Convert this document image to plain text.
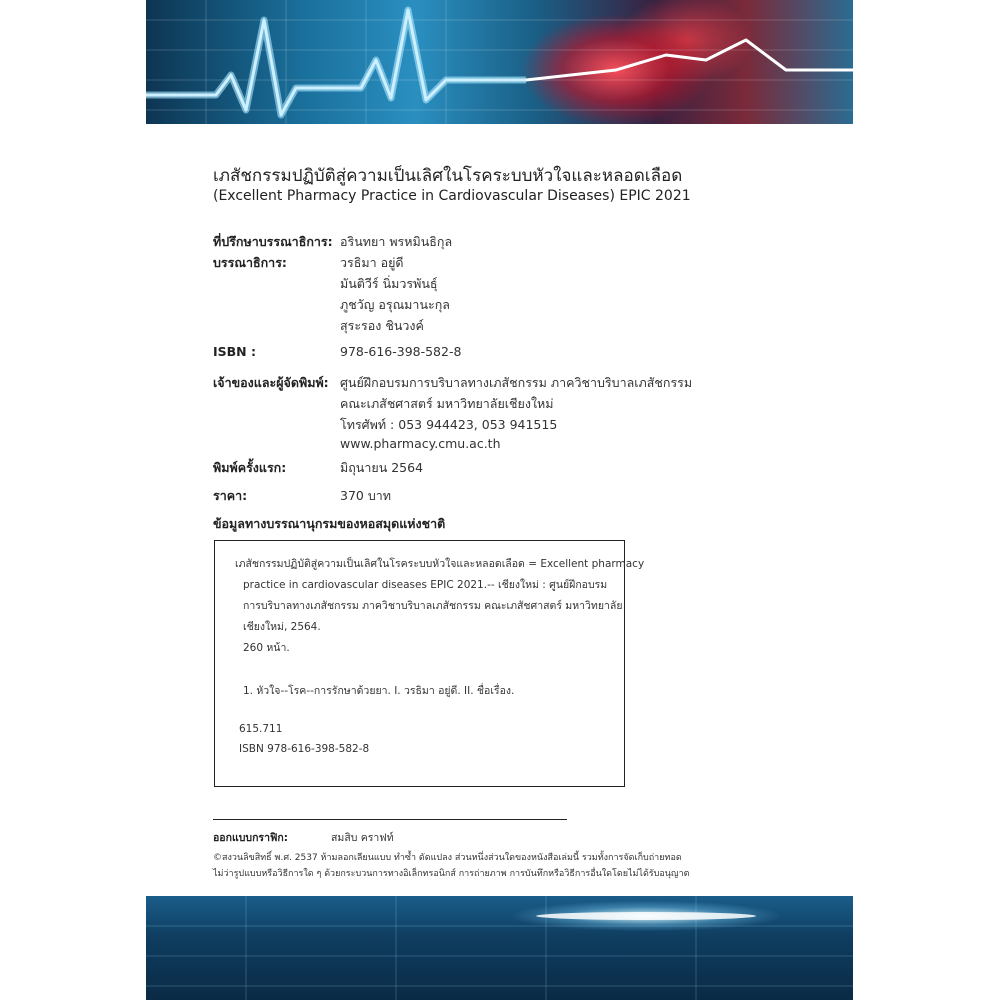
เภสัชกรรมปฏิบัติสู่ความเป็นเลิศในโรคระบบหัวใจและหลอดเลือด
(Excellent Pharmacy Practice in Cardiovascular Diseases) EPIC 2021
ที่ปรึกษาบรรณาธิการ: อรินทยา พรหมินธิกุล
บรรณาธิการ:	วรธิมา อยู่ดี
มันติวีร์ นิ่มวรพันธุ์
ภูชวัญ อรุณมานะกุล
สุระรอง ชินวงค์
ISBN :	978-616-398-582-8
เจ้าของและผู้จัดพิมพ์: ศูนย์ฝึกอบรมการบริบาลทางเภสัชกรรม ภาควิชาบริบาลเภสัชกรรม
คณะเภสัชศาสตร์ มหาวิทยาลัยเชียงใหม่
โทรศัพท์ : 053 944423, 053 941515
www.pharmacy.cmu.ac.th
พิมพ์ครั้งแรก:	มิถุนายน 2564
ราคา:	370 บาท
ข้อมูลทางบรรณานุกรมของหอสมุดแห่งชาติ
เภสัชกรรมปฏิบัติสู่ความเป็นเลิศในโรคระบบหัวใจและหลอดเลือด = Excellent pharmacy
practice in cardiovascular diseases EPIC 2021.-- เชียงใหม่ : ศูนย์ฝึกอบรม
การบริบาลทางเภสัชกรรม ภาควิชาบริบาลเภสัชกรรม คณะเภสัชศาสตร์ มหาวิทยาลัย
เชียงใหม่, 2564.
260 หน้า.
1. หัวใจ--โรค--การรักษาด้วยยา. I. วรธิมา อยู่ดี. II. ชื่อเรื่อง.
615.711
ISBN 978-616-398-582-8
ออกแบบกราฟิก:	สมสิบ คราฟท์
©สงวนลิขสิทธิ์ พ.ศ. 2537 ห้ามลอกเลียนแบบ ทำซ้ำ ดัดแปลง ส่วนหนึ่งส่วนใดของหนังสือเล่มนี้ รวมทั้งการจัดเก็บถ่ายทอด
ไม่ว่ารูปแบบหรือวิธีการใด ๆ ด้วยกระบวนการทางอิเล็กทรอนิกส์ การถ่ายภาพ การบันทึกหรือวิธีการอื่นใดโดยไม่ได้รับอนุญาต
